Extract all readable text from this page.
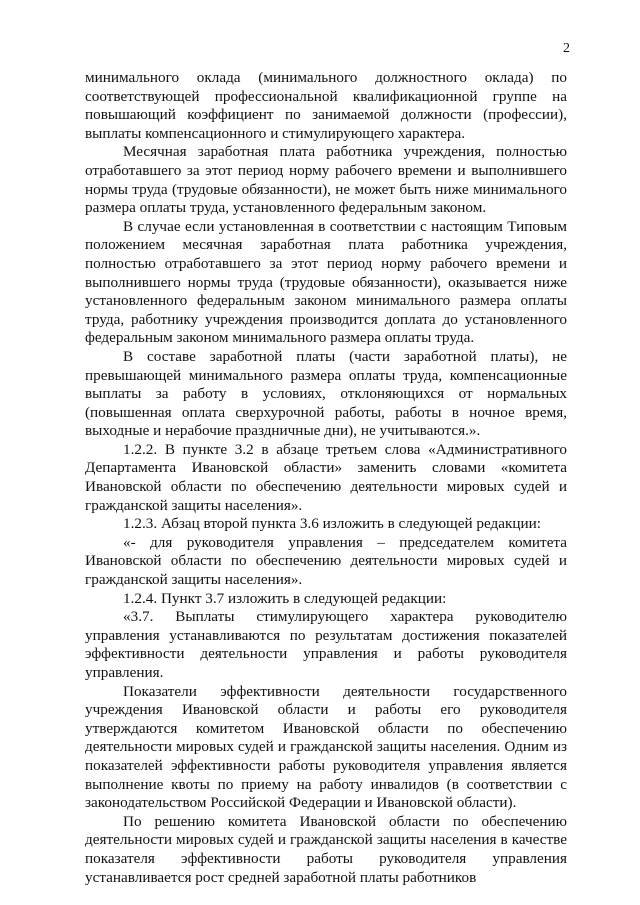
2

минимального оклада (минимального должностного оклада) по соответствующей профессиональной квалификационной группе на повышающий коэффициент по занимаемой должности (профессии), выплаты компенсационного и стимулирующего характера.

Месячная заработная плата работника учреждения, полностью отработавшего за этот период норму рабочего времени и выполнившего нормы труда (трудовые обязанности), не может быть ниже минимального размера оплаты труда, установленного федеральным законом.

В случае если установленная в соответствии с настоящим Типовым положением месячная заработная плата работника учреждения, полностью отработавшего за этот период норму рабочего времени и выполнившего нормы труда (трудовые обязанности), оказывается ниже установленного федеральным законом минимального размера оплаты труда, работнику учреждения производится доплата до установленного федеральным законом минимального размера оплаты труда.

В составе заработной платы (части заработной платы), не превышающей минимального размера оплаты труда, компенсационные выплаты за работу в условиях, отклоняющихся от нормальных (повышенная оплата сверхурочной работы, работы в ночное время, выходные и нерабочие праздничные дни), не учитываются.».

1.2.2. В пункте 3.2 в абзаце третьем слова «Административного Департамента Ивановской области» заменить словами «комитета Ивановской области по обеспечению деятельности мировых судей и гражданской защиты населения».

1.2.3. Абзац второй пункта 3.6 изложить в следующей редакции:

«- для руководителя управления – председателем комитета Ивановской области по обеспечению деятельности мировых судей и гражданской защиты населения».

1.2.4. Пункт 3.7 изложить в следующей редакции:

«3.7. Выплаты стимулирующего характера руководителю управления устанавливаются по результатам достижения показателей эффективности деятельности управления и работы руководителя управления.

Показатели эффективности деятельности государственного учреждения Ивановской области и работы его руководителя утверждаются комитетом Ивановской области по обеспечению деятельности мировых судей и гражданской защиты населения. Одним из показателей эффективности работы руководителя управления является выполнение квоты по приему на работу инвалидов (в соответствии с законодательством Российской Федерации и Ивановской области).

По решению комитета Ивановской области по обеспечению деятельности мировых судей и гражданской защиты населения в качестве показателя эффективности работы руководителя управления устанавливается рост средней заработной платы работников
